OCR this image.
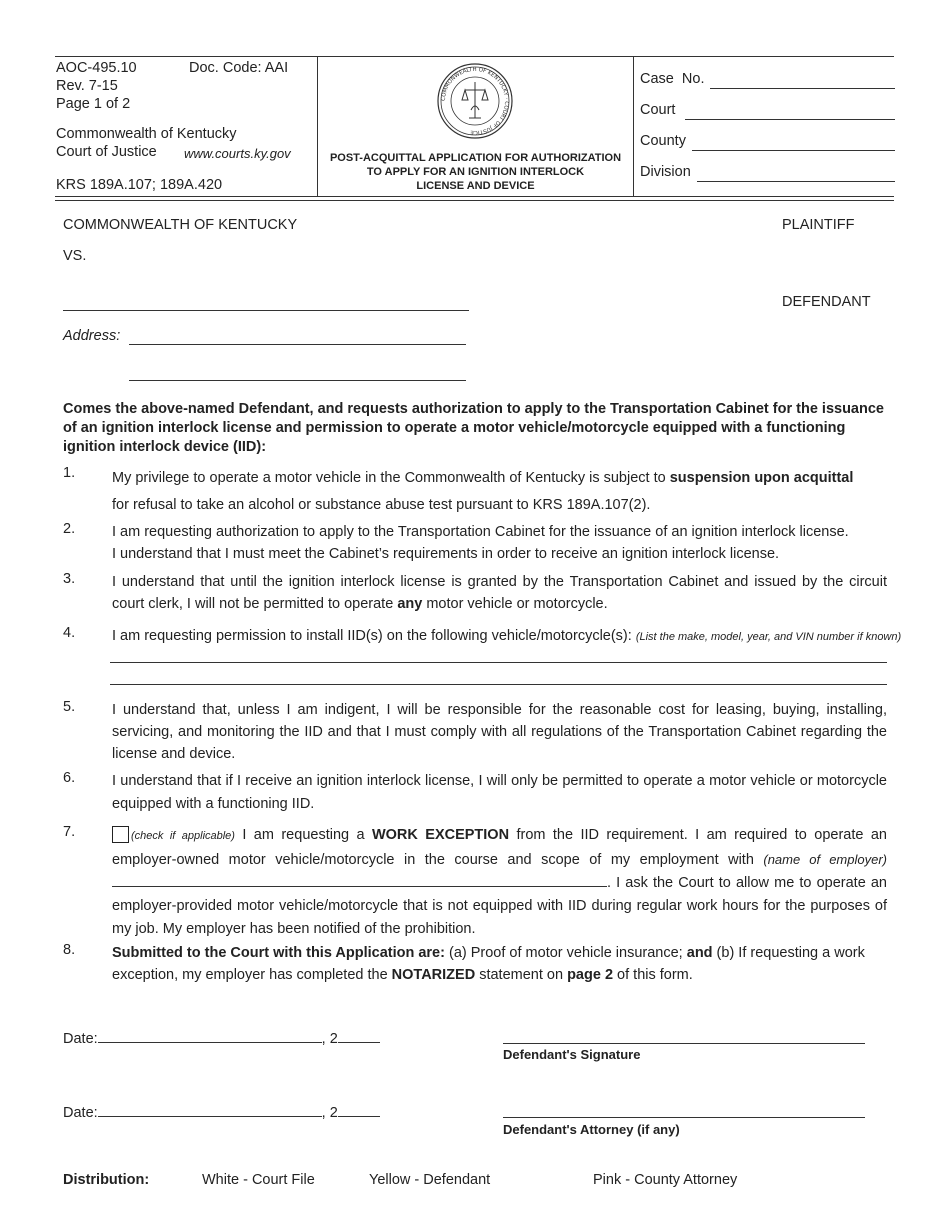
AOC-495.10	Doc. Code: AAI
Rev. 7-15
Page 1 of 2
Commonwealth of Kentucky
Court of Justice www.courts.ky.gov
KRS 189A.107; 189A.420
COMMONWEALTH OF KENTUCKY · COURT OF JUSTICE
POST-ACQUITTAL APPLICATION FOR AUTHORIZATION
TO APPLY FOR AN IGNITION INTERLOCK
LICENSE AND DEVICE
Case  No.
Court
County
Division
COMMONWEALTH OF KENTUCKY	PLAINTIFF
VS.
DEFENDANT
Address:
Comes the above-named Defendant, and requests authorization to apply to the Transportation Cabinet for the issuance of an ignition interlock license and permission to operate a motor vehicle/motorcycle equipped with a functioning ignition interlock device (IID):
1.	My privilege to operate a motor vehicle in the Commonwealth of Kentucky is subject to suspension upon acquittal
for refusal to take an alcohol or substance abuse test pursuant to KRS 189A.107(2).
2.	I am requesting authorization to apply to the Transportation Cabinet for the issuance of an ignition interlock license.
I understand that I must meet the Cabinet’s requirements in order to receive an ignition interlock license.
3.	I understand that until the ignition interlock license is granted by the Transportation Cabinet and issued by the circuit court clerk, I will not be permitted to operate any motor vehicle or motorcycle.
4.	I am requesting permission to install IID(s) on the following vehicle/motorcycle(s): (List the make, model, year, and VIN number if known)
5.	I understand that, unless I am indigent, I will be responsible for the reasonable cost for leasing, buying, installing, servicing, and monitoring the IID and that I must comply with all regulations of the Transportation Cabinet regarding the license and device.
6.	I understand that if I receive an ignition interlock license, I will only be permitted to operate a motor vehicle or motorcycle equipped with a functioning IID.
7.	(check if applicable) I am requesting a WORK EXCEPTION from the IID requirement. I am required to operate an employer-owned motor vehicle/motorcycle in the course and scope of my employment with (name of employer) . I ask the Court to allow me to operate an employer-provided motor vehicle/motorcycle that is not equipped with IID during regular work hours for the purposes of my job. My employer has been notified of the prohibition.
8.	Submitted to the Court with this Application are: (a) Proof of motor vehicle insurance; and (b) If requesting a work exception, my employer has completed the NOTARIZED statement on page 2 of this form.
Date:	, 2
Defendant's Signature
Date:	, 2
Defendant's Attorney (if any)
Distribution:	White - Court File	Yellow - Defendant	Pink - County Attorney
